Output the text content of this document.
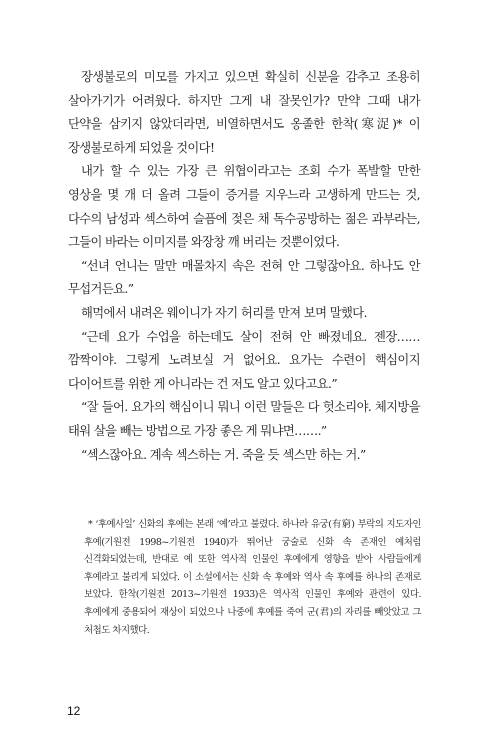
장생불로의 미모를 가지고 있으면 확실히 신분을 감추고 조용히 살아가기가 어려웠다. 하지만 그게 내 잘못인가? 만약 그때 내가 단약을 삼키지 않았더라면, 비열하면서도 옹졸한 한착(寒浞)* 이 장생불로하게 되었을 것이다!

내가 할 수 있는 가장 큰 위협이라고는 조회 수가 폭발할 만한 영상을 몇 개 더 올려 그들이 증거를 지우느라 고생하게 만드는 것, 다수의 남성과 섹스하여 슬픔에 젖은 채 독수공방하는 젊은 과부라는, 그들이 바라는 이미지를 와장창 깨 버리는 것뿐이었다.

“선녀 언니는 말만 매몰차지 속은 전혀 안 그렇잖아요. 하나도 안 무섭거든요.”

해먹에서 내려온 웨이니가 자기 허리를 만져 보며 말했다.

“근데 요가 수업을 하는데도 살이 전혀 안 빠졌네요. 젠장…… 깜짝이야. 그렇게 노려보실 거 없어요. 요가는 수련이 핵심이지 다이어트를 위한 게 아니라는 건 저도 알고 있다고요.”

“잘 들어. 요가의 핵심이니 뭐니 이런 말들은 다 헛소리야. 체지방을 태워 살을 빼는 방법으로 가장 좋은 게 뭐냐면…….”

“섹스잖아요. 계속 섹스하는 거. 죽을 듯 섹스만 하는 거.”

* ‘후예사일’ 신화의 후예는 본래 ‘예’라고 불렸다. 하나라 유궁(有窮) 부락의 지도자인 후예(기원전 1998~기원전 1940)가 뛰어난 궁술로 신화 속 존재인 예처럼 신격화되었는데, 반대로 예 또한 역사적 인물인 후예에게 영향을 받아 사람들에게 후예라고 불리게 되었다. 이 소설에서는 신화 속 후예와 역사 속 후예를 하나의 존재로 보았다. 한착(기원전 2013~기원전 1933)은 역사적 인물인 후예와 관련이 있다. 후예에게 중용되어 재상이 되었으나 나중에 후예를 죽여 군(君)의 자리를 빼앗았고 그 처첩도 차지했다.

12
